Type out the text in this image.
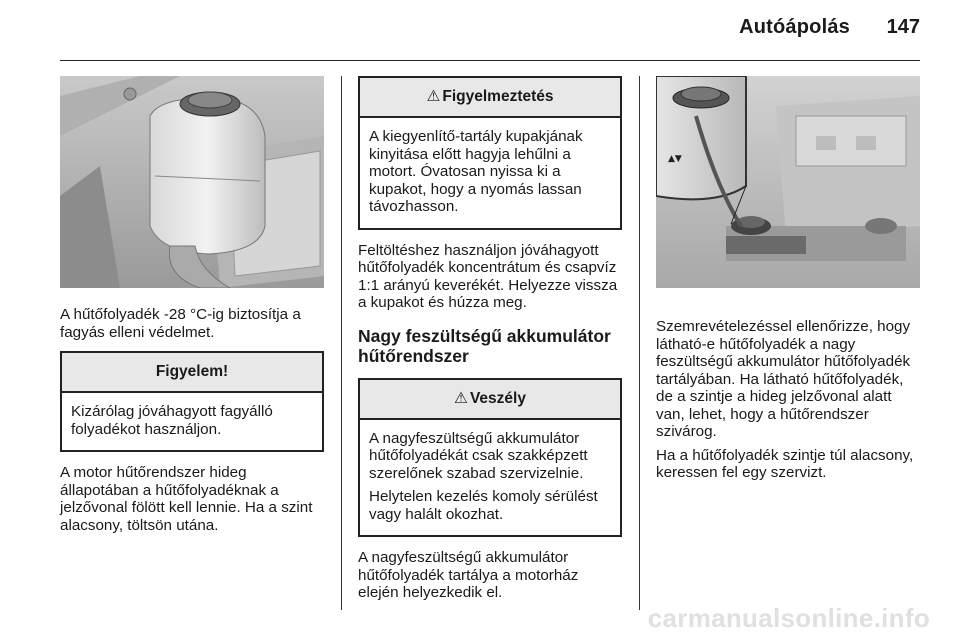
Autóápolás 147

A hűtőfolyadék -28 °C-ig biztosítja a fagyás elleni védelmet.

Figyelem!

Kizárólag jóváhagyott fagyálló folyadékot használjon.

A motor hűtőrendszer hideg állapotában a hűtőfolyadéknak a jelzővonal fölött kell lennie. Ha a szint alacsony, töltsön utána.

⚠ Figyelmeztetés

A kiegyenlítő-tartály kupakjának kinyitása előtt hagyja lehűlni a motort. Óvatosan nyissa ki a kupakot, hogy a nyomás lassan távozhasson.

Feltöltéshez használjon jóváhagyott hűtőfolyadék koncentrátum és csapvíz 1:1 arányú keverékét. Helyezze vissza a kupakot és húzza meg.

Nagy feszültségű akkumulátor hűtőrendszer
⚠ Veszély

A nagyfeszültségű akkumulátor hűtőfolyadékát csak szakképzett szerelőnek szabad szervizelnie.

Helytelen kezelés komoly sérülést vagy halált okozhat.

A nagyfeszültségű akkumulátor hűtőfolyadék tartálya a motorház elején helyezkedik el.

▲▼

Szemrevételezéssel ellenőrizze, hogy látható-e hűtőfolyadék a nagy feszültségű akkumulátor hűtőfolyadék tartályában. Ha látható hűtőfolyadék, de a szintje a hideg jelzővonal alatt van, lehet, hogy a hűtőrendszer szivárog.

Ha a hűtőfolyadék szintje túl alacsony, keressen fel egy szervizt.

carmanualsonline.info
